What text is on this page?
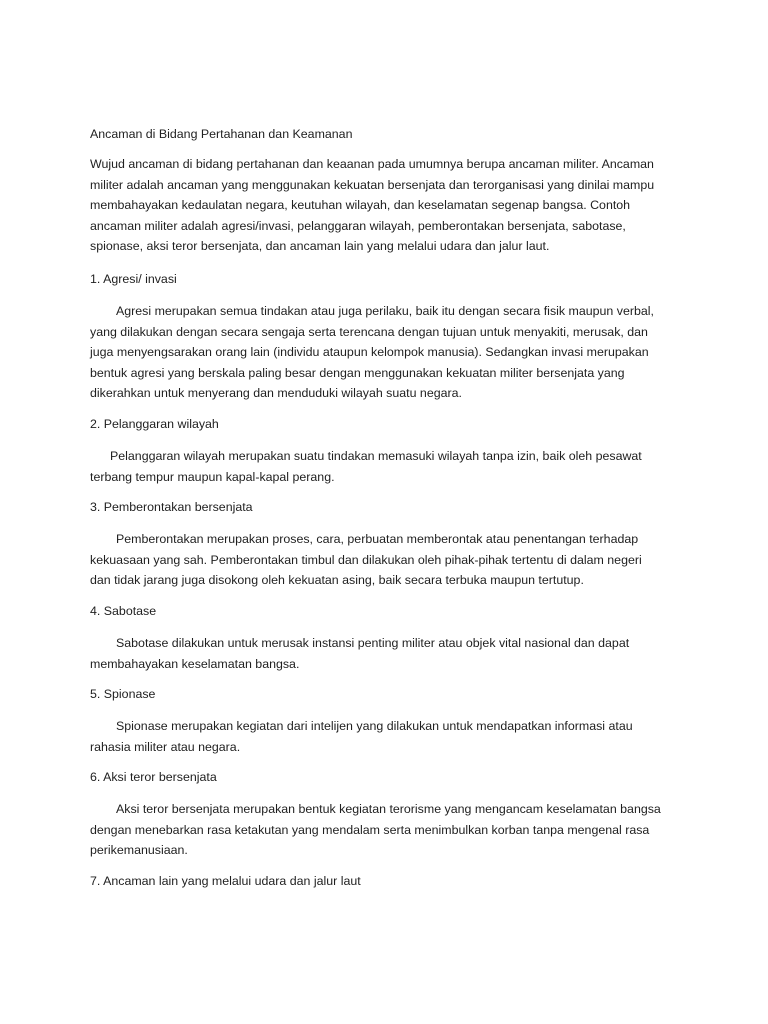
Ancaman di Bidang Pertahanan dan Keamanan
Wujud ancaman di bidang pertahanan dan keaanan pada umumnya berupa ancaman militer. Ancaman
militer adalah ancaman yang menggunakan kekuatan bersenjata dan terorganisasi yang dinilai mampu
membahayakan kedaulatan negara, keutuhan wilayah, dan keselamatan segenap bangsa. Contoh
ancaman militer adalah agresi/invasi, pelanggaran wilayah, pemberontakan bersenjata, sabotase,
spionase, aksi teror bersenjata, dan ancaman lain yang melalui udara dan jalur laut.
1. Agresi/ invasi
Agresi merupakan semua tindakan atau juga perilaku, baik itu dengan secara fisik maupun verbal,
yang dilakukan dengan secara sengaja serta terencana dengan tujuan untuk menyakiti, merusak, dan
juga menyengsarakan orang lain (individu ataupun kelompok manusia). Sedangkan invasi merupakan
bentuk agresi yang berskala paling besar dengan menggunakan kekuatan militer bersenjata yang
dikerahkan untuk menyerang dan menduduki wilayah suatu negara.
2. Pelanggaran wilayah
Pelanggaran wilayah merupakan suatu tindakan memasuki wilayah tanpa izin, baik oleh pesawat
terbang tempur maupun kapal-kapal perang.
3. Pemberontakan bersenjata
Pemberontakan merupakan proses, cara, perbuatan memberontak atau penentangan terhadap
kekuasaan yang sah. Pemberontakan timbul dan dilakukan oleh pihak-pihak tertentu di dalam negeri
dan tidak jarang juga disokong oleh kekuatan asing, baik secara terbuka maupun tertutup.
4. Sabotase
Sabotase dilakukan untuk merusak instansi penting militer atau objek vital nasional dan dapat
membahayakan keselamatan bangsa.
5. Spionase
Spionase merupakan kegiatan dari intelijen yang dilakukan untuk mendapatkan informasi atau
rahasia militer atau negara.
6. Aksi teror bersenjata
Aksi teror bersenjata merupakan bentuk kegiatan terorisme yang mengancam keselamatan bangsa
dengan menebarkan rasa ketakutan yang mendalam serta menimbulkan korban tanpa mengenal rasa
perikemanusiaan.
7. Ancaman lain yang melalui udara dan jalur laut
